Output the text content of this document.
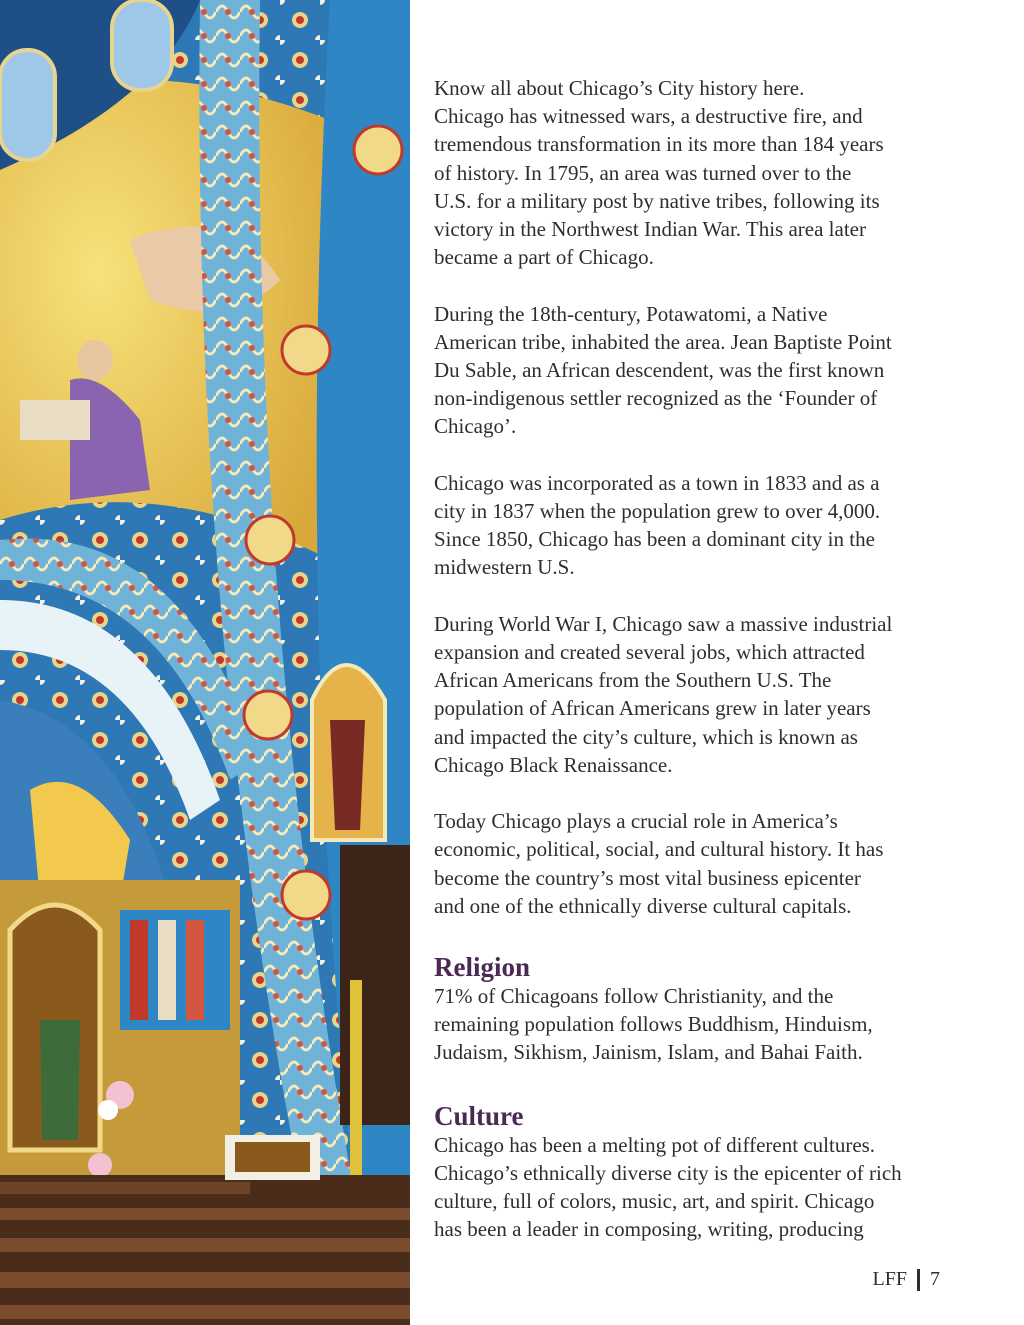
Know all about Chicago’s City history here.
Chicago has witnessed wars, a destructive fire, and
tremendous transformation in its more than 184 years
of history. In 1795, an area was turned over to the
U.S. for a military post by native tribes, following its
victory in the Northwest Indian War. This area later
became a part of Chicago.

During the 18th-century, Potawatomi, a Native
American tribe, inhabited the area. Jean Baptiste Point
Du Sable, an African descendent, was the first known
non-indigenous settler recognized as the ‘Founder of
Chicago’.

Chicago was incorporated as a town in 1833 and as a
city in 1837 when the population grew to over 4,000.
Since 1850, Chicago has been a dominant city in the
midwestern U.S.

During World War I, Chicago saw a massive industrial
expansion and created several jobs, which attracted
African Americans from the Southern U.S. The
population of African Americans grew in later years
and impacted the city’s culture, which is known as
Chicago Black Renaissance.

Today Chicago plays a crucial role in America’s
economic, political, social, and cultural history. It has
become the country’s most vital business epicenter
and one of the ethnically diverse cultural capitals.

Religion

71% of Chicagoans follow Christianity, and the
remaining population follows Buddhism, Hinduism,
Judaism, Sikhism, Jainism, Islam, and Bahai Faith.

Culture

Chicago has been a melting pot of different cultures.
Chicago’s ethnically diverse city is the epicenter of rich
culture, full of colors, music, art, and spirit. Chicago
has been a leader in composing, writing, producing

LFF 7
